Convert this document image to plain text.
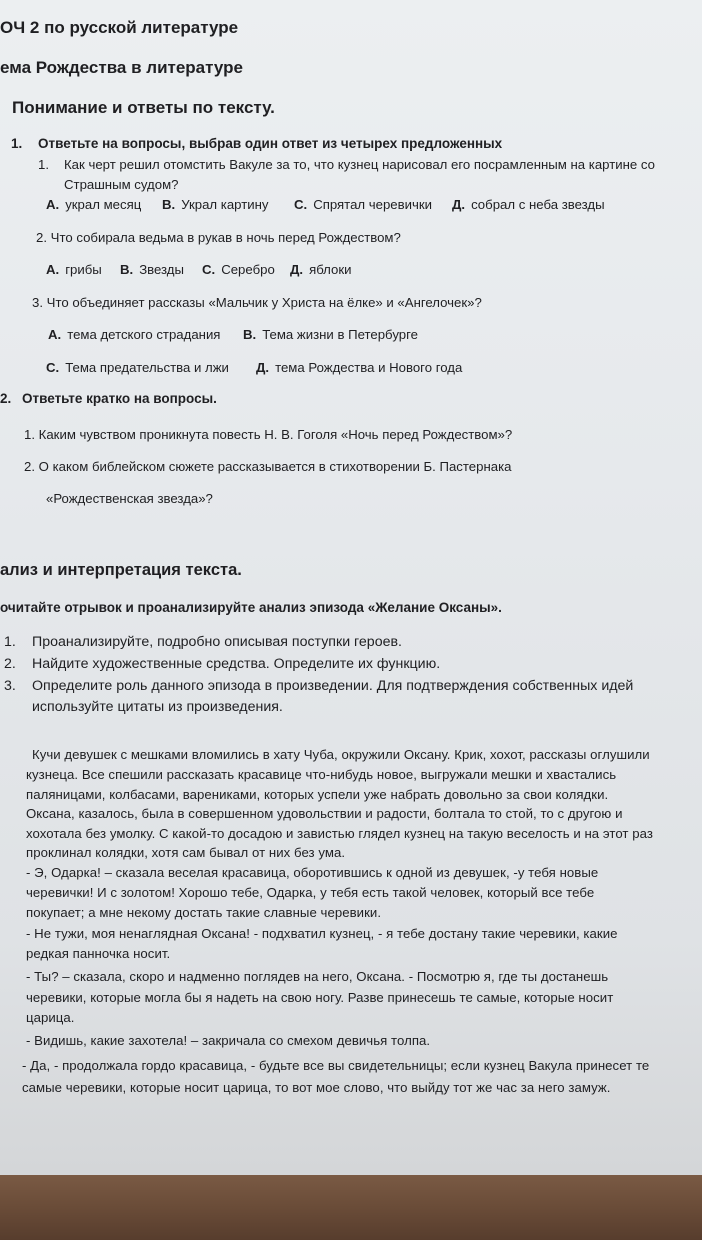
ОЧ 2 по русской литературе
ема Рождества в литературе
Понимание и ответы по тексту.
1. Ответьте на вопросы, выбрав один ответ из четырех предложенных
1. Как черт решил отомстить Вакуле за то, что кузнец нарисовал его посрамленным на картине со
Страшным судом?
А. украл месяц В. Украл картину С. Спрятал черевички Д. собрал с неба звезды
2. Что собирала ведьма в рукав в ночь перед Рождеством?
А. грибы В. Звезды С. Серебро Д. яблоки
3. Что объединяет рассказы «Мальчик у Христа на ёлке» и «Ангелочек»?
А. тема детского страдания В. Тема жизни в Петербурге
С. Тема предательства и лжи Д. тема Рождества и Нового года
2. Ответьте кратко на вопросы.
1. Каким чувством проникнута повесть Н. В. Гоголя «Ночь перед Рождеством»?
2. О каком библейском сюжете рассказывается в стихотворении Б. Пастернака
«Рождественская звезда»?
ализ и интерпретация текста.
очитайте отрывок и проанализируйте анализ эпизода «Желание Оксаны».
1. Проанализируйте, подробно описывая поступки героев.
2. Найдите художественные средства. Определите их функцию.
3. Определите роль данного эпизода в произведении. Для подтверждения собственных идей
используйте цитаты из произведения.
Кучи девушек с мешками вломились в хату Чуба, окружили Оксану. Крик, хохот, рассказы оглушили
кузнеца. Все спешили рассказать красавице что-нибудь новое, выгружали мешки и хвастались
паляницами, колбасами, варениками, которых успели уже набрать довольно за свои колядки.
Оксана, казалось, была в совершенном удовольствии и радости, болтала то стой, то с другою и
хохотала без умолку. С какой-то досадою и завистью глядел кузнец на такую веселость и на этот раз
проклинал колядки, хотя сам бывал от них без ума.
- Э, Одарка! – сказала веселая красавица, оборотившись к одной из девушек, -у тебя новые
черевички! И с золотом! Хорошо тебе, Одарка, у тебя есть такой человек, который все тебе
покупает; а мне некому достать такие славные черевики.
- Не тужи, моя ненаглядная Оксана! - подхватил кузнец, - я тебе достану такие черевики, какие
редкая панночка носит.
- Ты? – сказала, скоро и надменно поглядев на него, Оксана. - Посмотрю я, где ты достанешь
черевики, которые могла бы я надеть на свою ногу. Разве принесешь те самые, которые носит
царица.
- Видишь, какие захотела! – закричала со смехом девичья толпа.
- Да, - продолжала гордо красавица, - будьте все вы свидетельницы; если кузнец Вакула принесет те
самые черевики, которые носит царица, то вот мое слово, что выйду тот же час за него замуж.
